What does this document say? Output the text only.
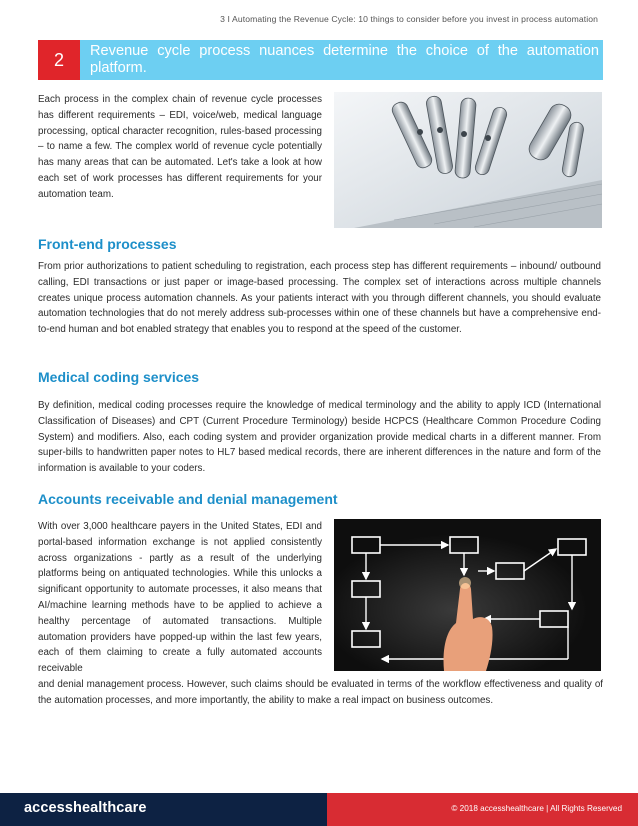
3 I Automating the Revenue Cycle: 10 things to consider before you invest in process automation
2	Revenue cycle process nuances determine the choice of the automation platform.

Each process in the complex chain of revenue cycle processes has different requirements – EDI, voice/web, medical language processing, optical character recognition, rules-based processing – to name a few. The complex world of revenue cycle potentially has many areas that can be automated. Let's take a look at how each set of work processes has different requirements for your automation team.

Front-end processes

From prior authorizations to patient scheduling to registration, each process step has different requirements – inbound/ outbound calling, EDI transactions or just paper or image-based processing. The complex set of interactions across multiple channels creates unique process automation channels. As your patients interact with you through different channels, you should evaluate automation technologies that do not merely address sub-processes within one of these channels but have a comprehensive end-to-end human and bot enabled strategy that enables you to respond at the speed of the customer.

Medical coding services

By definition, medical coding processes require the knowledge of medical terminology and the ability to apply ICD (International Classification of Diseases) and CPT (Current Procedure Terminology) beside HCPCS (Healthcare Common Procedure Coding System) and modifiers. Also, each coding system and provider organization provide medical charts in a different manner. From super-bills to handwritten paper notes to HL7 based medical records, there are inherent differences in the nature and form of the information is available to your coders.

Accounts receivable and denial management

With over 3,000 healthcare payers in the United States, EDI and portal-based information exchange is not applied consistently across organizations - partly as a result of the underlying platforms being on antiquated technologies. While this unlocks a significant opportunity to automate processes, it also means that AI/machine learning methods have to be applied to achieve a healthy percentage of automated transactions. Multiple automation providers have popped-up within the last few years, each of them claiming to create a fully automated accounts receivable

and denial management process. However, such claims should be evaluated in terms of the workflow effectiveness and quality of the automation processes, and more importantly, the ability to make a real impact on business outcomes.

accesshealthcare	© 2018 accesshealthcare | All Rights Reserved
